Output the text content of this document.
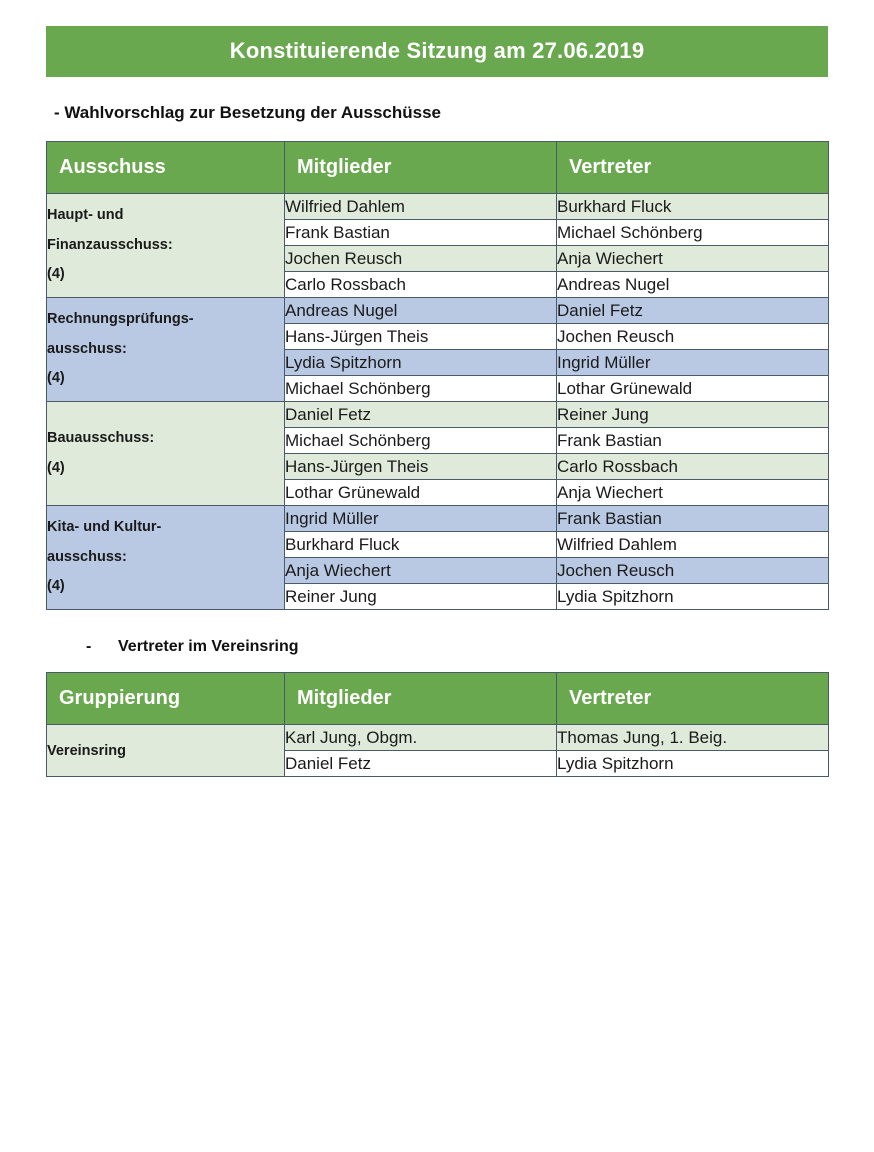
Konstituierende Sitzung am 27.06.2019
- Wahlvorschlag zur Besetzung der Ausschüsse
Ausschuss	Mitglieder	Vertreter

Haupt- und
Finanzausschuss:
(4)	Wilfried Dahlem	Burkhard Fluck
	Frank Bastian	Michael Schönberg
	Jochen Reusch	Anja Wiechert
	Carlo Rossbach	Andreas Nugel

Rechnungsprüfungs-
ausschuss:
(4)	Andreas Nugel	Daniel Fetz
	Hans-Jürgen Theis	Jochen Reusch
	Lydia Spitzhorn	Ingrid Müller
	Michael Schönberg	Lothar Grünewald

Bauausschuss:
(4)	Daniel Fetz	Reiner Jung
	Michael Schönberg	Frank Bastian
	Hans-Jürgen Theis	Carlo Rossbach
	Lothar Grünewald	Anja Wiechert

Kita- und Kultur-
ausschuss:
(4)	Ingrid Müller	Frank Bastian
	Burkhard Fluck	Wilfried Dahlem
	Anja Wiechert	Jochen Reusch
	Reiner Jung	Lydia Spitzhorn
- Vertreter im Vereinsring
Gruppierung	Mitglieder	Vertreter
Vereinsring	Karl Jung, Obgm.	Thomas Jung, 1. Beig.
	Daniel Fetz	Lydia Spitzhorn
